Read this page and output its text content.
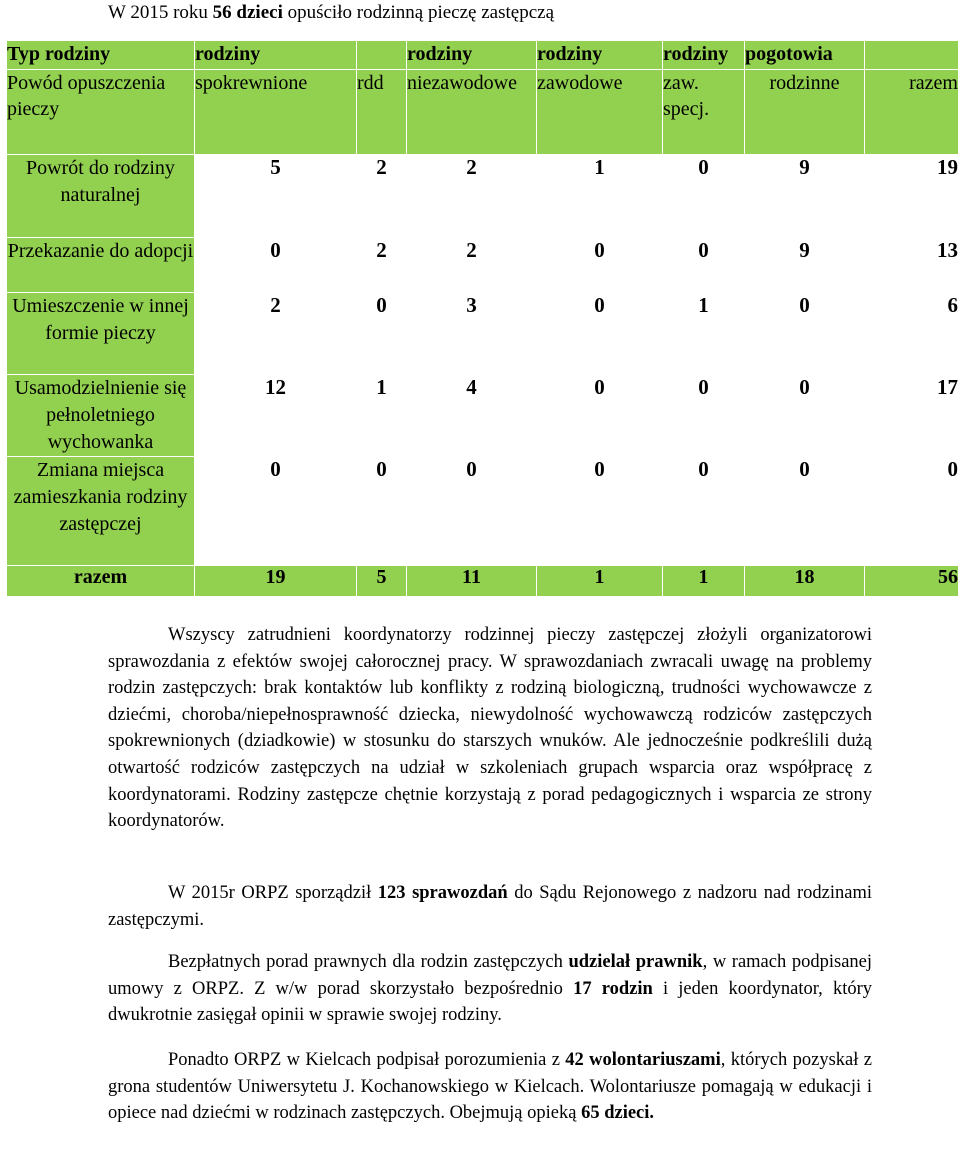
W 2015 roku 56 dzieci opuściło rodzinną pieczę zastępczą
Typ rodziny	rodziny		rodziny	rodziny	rodziny	pogotowia	
Powód opuszczenia pieczy	spokrewnione	rdd	niezawodowe	zawodowe	zaw. specj.	rodzinne	razem
Powrót do rodziny naturalnej	5	2	2	1	0	9	19
Przekazanie do adopcji	0	2	2	0	0	9	13
Umieszczenie w innej formie pieczy	2	0	3	0	1	0	6
Usamodzielnienie się pełnoletniego wychowanka	12	1	4	0	0	0	17
Zmiana miejsca zamieszkania rodziny zastępczej	0	0	0	0	0	0	0
razem	19	5	11	1	1	18	56

Wszyscy zatrudnieni koordynatorzy rodzinnej pieczy zastępczej złożyli organizatorowi sprawozdania z efektów swojej całorocznej pracy. W sprawozdaniach zwracali uwagę na problemy rodzin zastępczych: brak kontaktów lub konflikty z rodziną biologiczną, trudności wychowawcze z dziećmi, choroba/niepełnosprawność dziecka, niewydolność wychowawczą rodziców zastępczych spokrewnionych (dziadkowie) w stosunku do starszych wnuków. Ale jednocześnie podkreślili dużą otwartość rodziców zastępczych na udział w szkoleniach grupach wsparcia oraz współpracę z koordynatorami. Rodziny zastępcze chętnie korzystają z porad pedagogicznych i wsparcia ze strony koordynatorów.

W 2015r ORPZ sporządził 123 sprawozdań do Sądu Rejonowego z nadzoru nad rodzinami zastępczymi.

Bezpłatnych porad prawnych dla rodzin zastępczych udzielał prawnik, w ramach podpisanej umowy z ORPZ. Z w/w porad skorzystało bezpośrednio 17 rodzin i jeden koordynator, który dwukrotnie zasięgał opinii w sprawie swojej rodziny.

Ponadto ORPZ w Kielcach podpisał porozumienia z 42 wolontariuszami, których pozyskał z grona studentów Uniwersytetu J. Kochanowskiego w Kielcach. Wolontariusze pomagają w edukacji i opiece nad dziećmi w rodzinach zastępczych. Obejmują opieką 65 dzieci.
